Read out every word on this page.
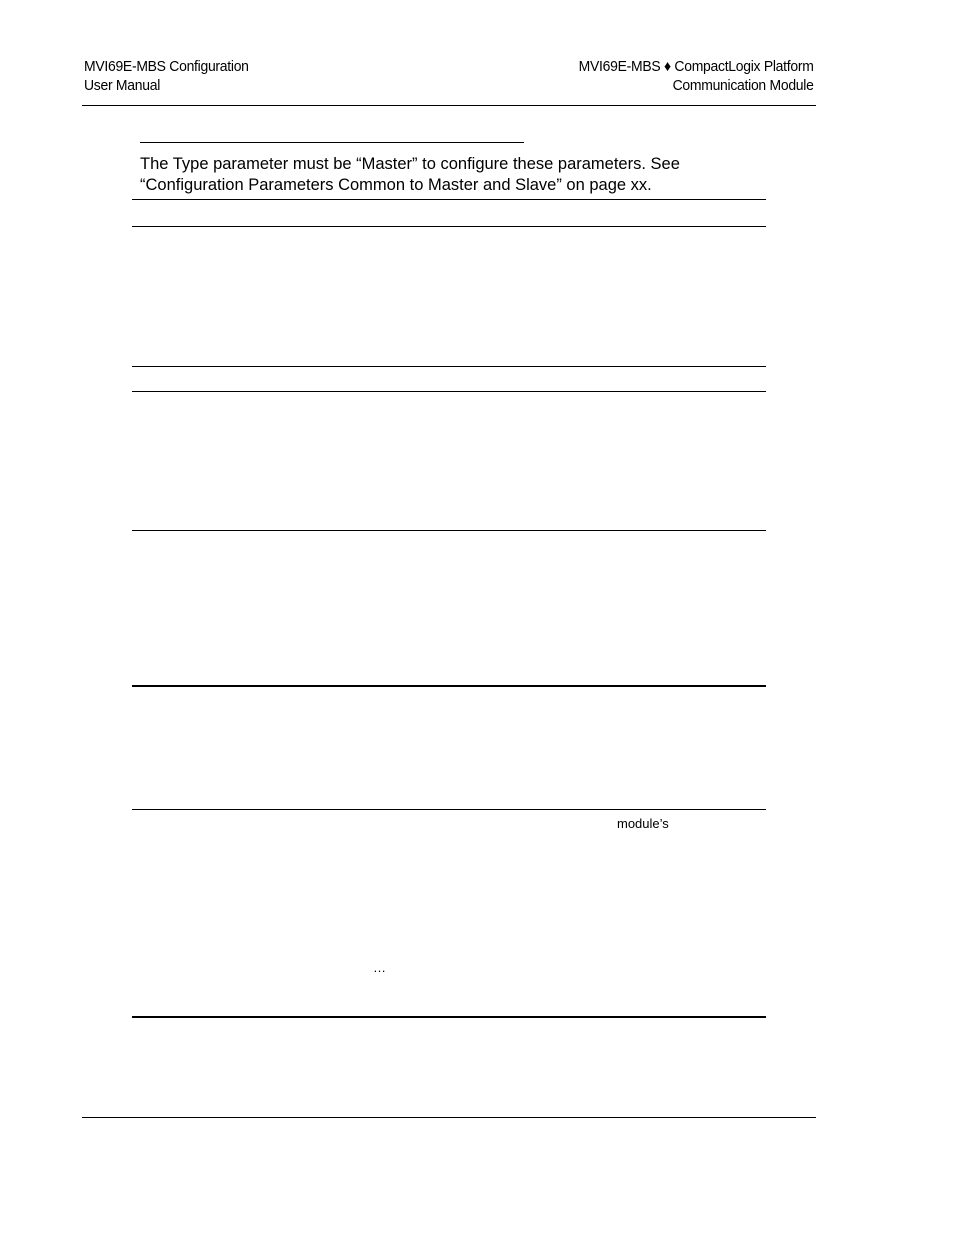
MVI69E-MBS Configuration
User Manual
MVI69E-MBS ♦ CompactLogix Platform
Communication Module
The Type parameter must be “Master” to configure these parameters. See “Configuration Parameters Common to Master and Slave” on page xx.
module’s
…
